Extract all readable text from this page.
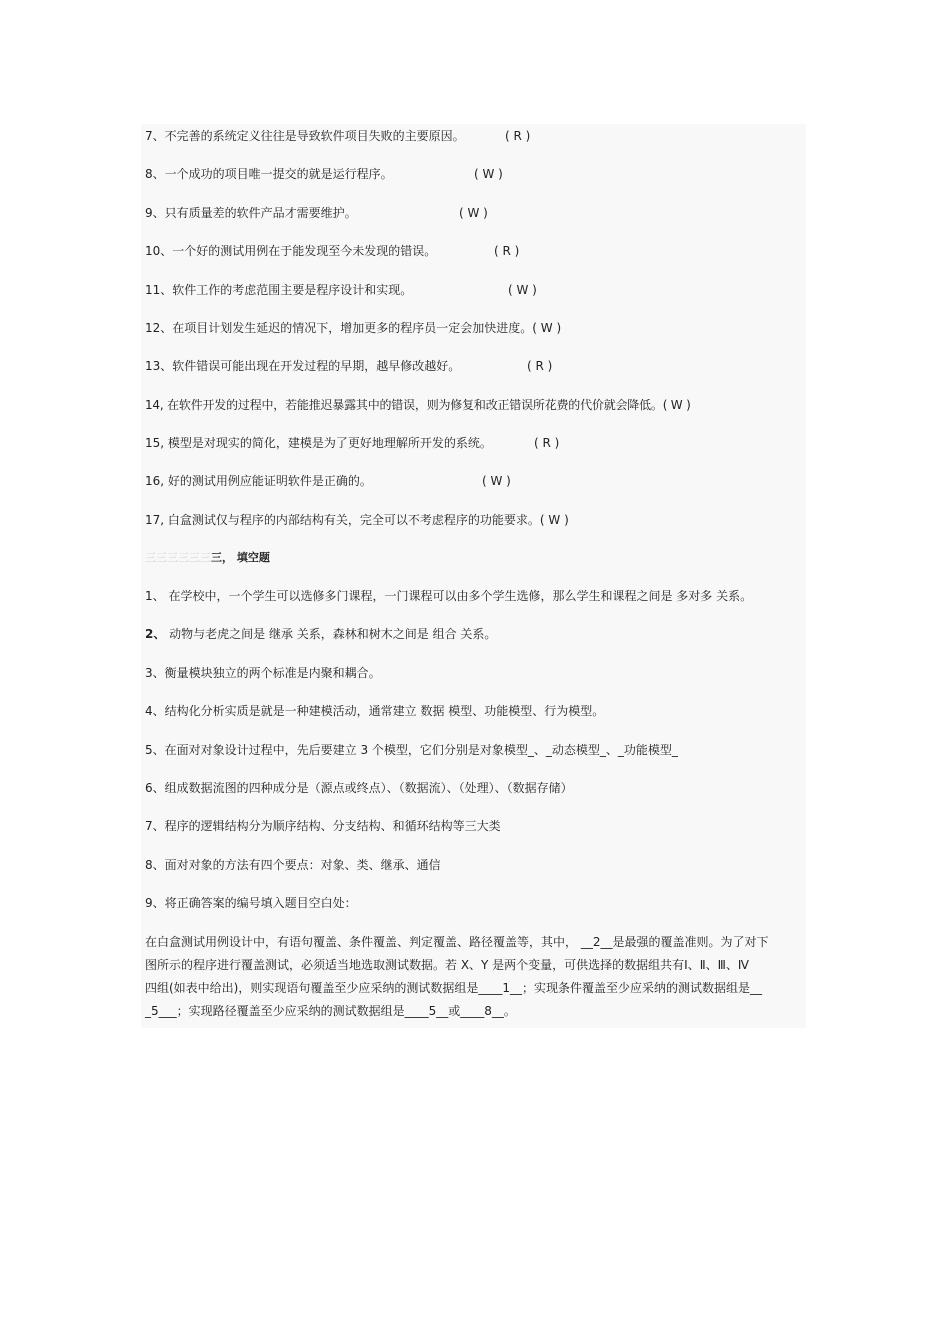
7、不完善的系统定义往往是导致软件项目失败的主要原因。	( R )
8、一个成功的项目唯一提交的就是运行程序。	( W )
9、只有质量差的软件产品才需要维护。	( W )
10、一个好的测试用例在于能发现至今未发现的错误。	( R )
11、软件工作的考虑范围主要是程序设计和实现。	( W )
12、在项目计划发生延迟的情况下，增加更多的程序员一定会加快进度。( W )
13、软件错误可能出现在开发过程的早期，越早修改越好。	( R )
14, 在软件开发的过程中，若能推迟暴露其中的错误，则为修复和改正错误所花费的代价就会降低。( W )
15, 模型是对现实的简化，建模是为了更好地理解所开发的系统。	( R )
16, 好的测试用例应能证明软件是正确的。	( W )
17, 白盒测试仅与程序的内部结构有关，完全可以不考虑程序的功能要求。( W )
三三三三三三三， 填空题
1、 在学校中，一个学生可以选修多门课程，一门课程可以由多个学生选修，那么学生和课程之间是 多对多 关系。
2、 动物与老虎之间是 继承 关系，森林和树木之间是 组合 关系。
3、衡量模块独立的两个标准是内聚和耦合。
4、结构化分析实质是就是一种建模活动，通常建立 数据 模型、功能模型、行为模型。
5、在面对对象设计过程中，先后要建立 3 个模型，它们分别是对象模型_、_动态模型_、_功能模型_
6、组成数据流图的四种成分是（源点或终点）、（数据流）、（处理）、（数据存储）
7、程序的逻辑结构分为顺序结构、分支结构、和循环结构等三大类
8、面对对象的方法有四个要点：对象、类、继承、通信
9、将正确答案的编号填入题目空白处：
在白盒测试用例设计中，有语句覆盖、条件覆盖、判定覆盖、路径覆盖等，其中， __2__是最强的覆盖准则。为了对下
图所示的程序进行覆盖测试，必须适当地选取测试数据。若 X、Y 是两个变量，可供选择的数据组共有Ⅰ、Ⅱ、Ⅲ、Ⅳ
四组(如表中给出)，则实现语句覆盖至少应采纳的测试数据组是____1__；实现条件覆盖至少应采纳的测试数据组是__
_5___；实现路径覆盖至少应采纳的测试数据组是____5__或____8__。
